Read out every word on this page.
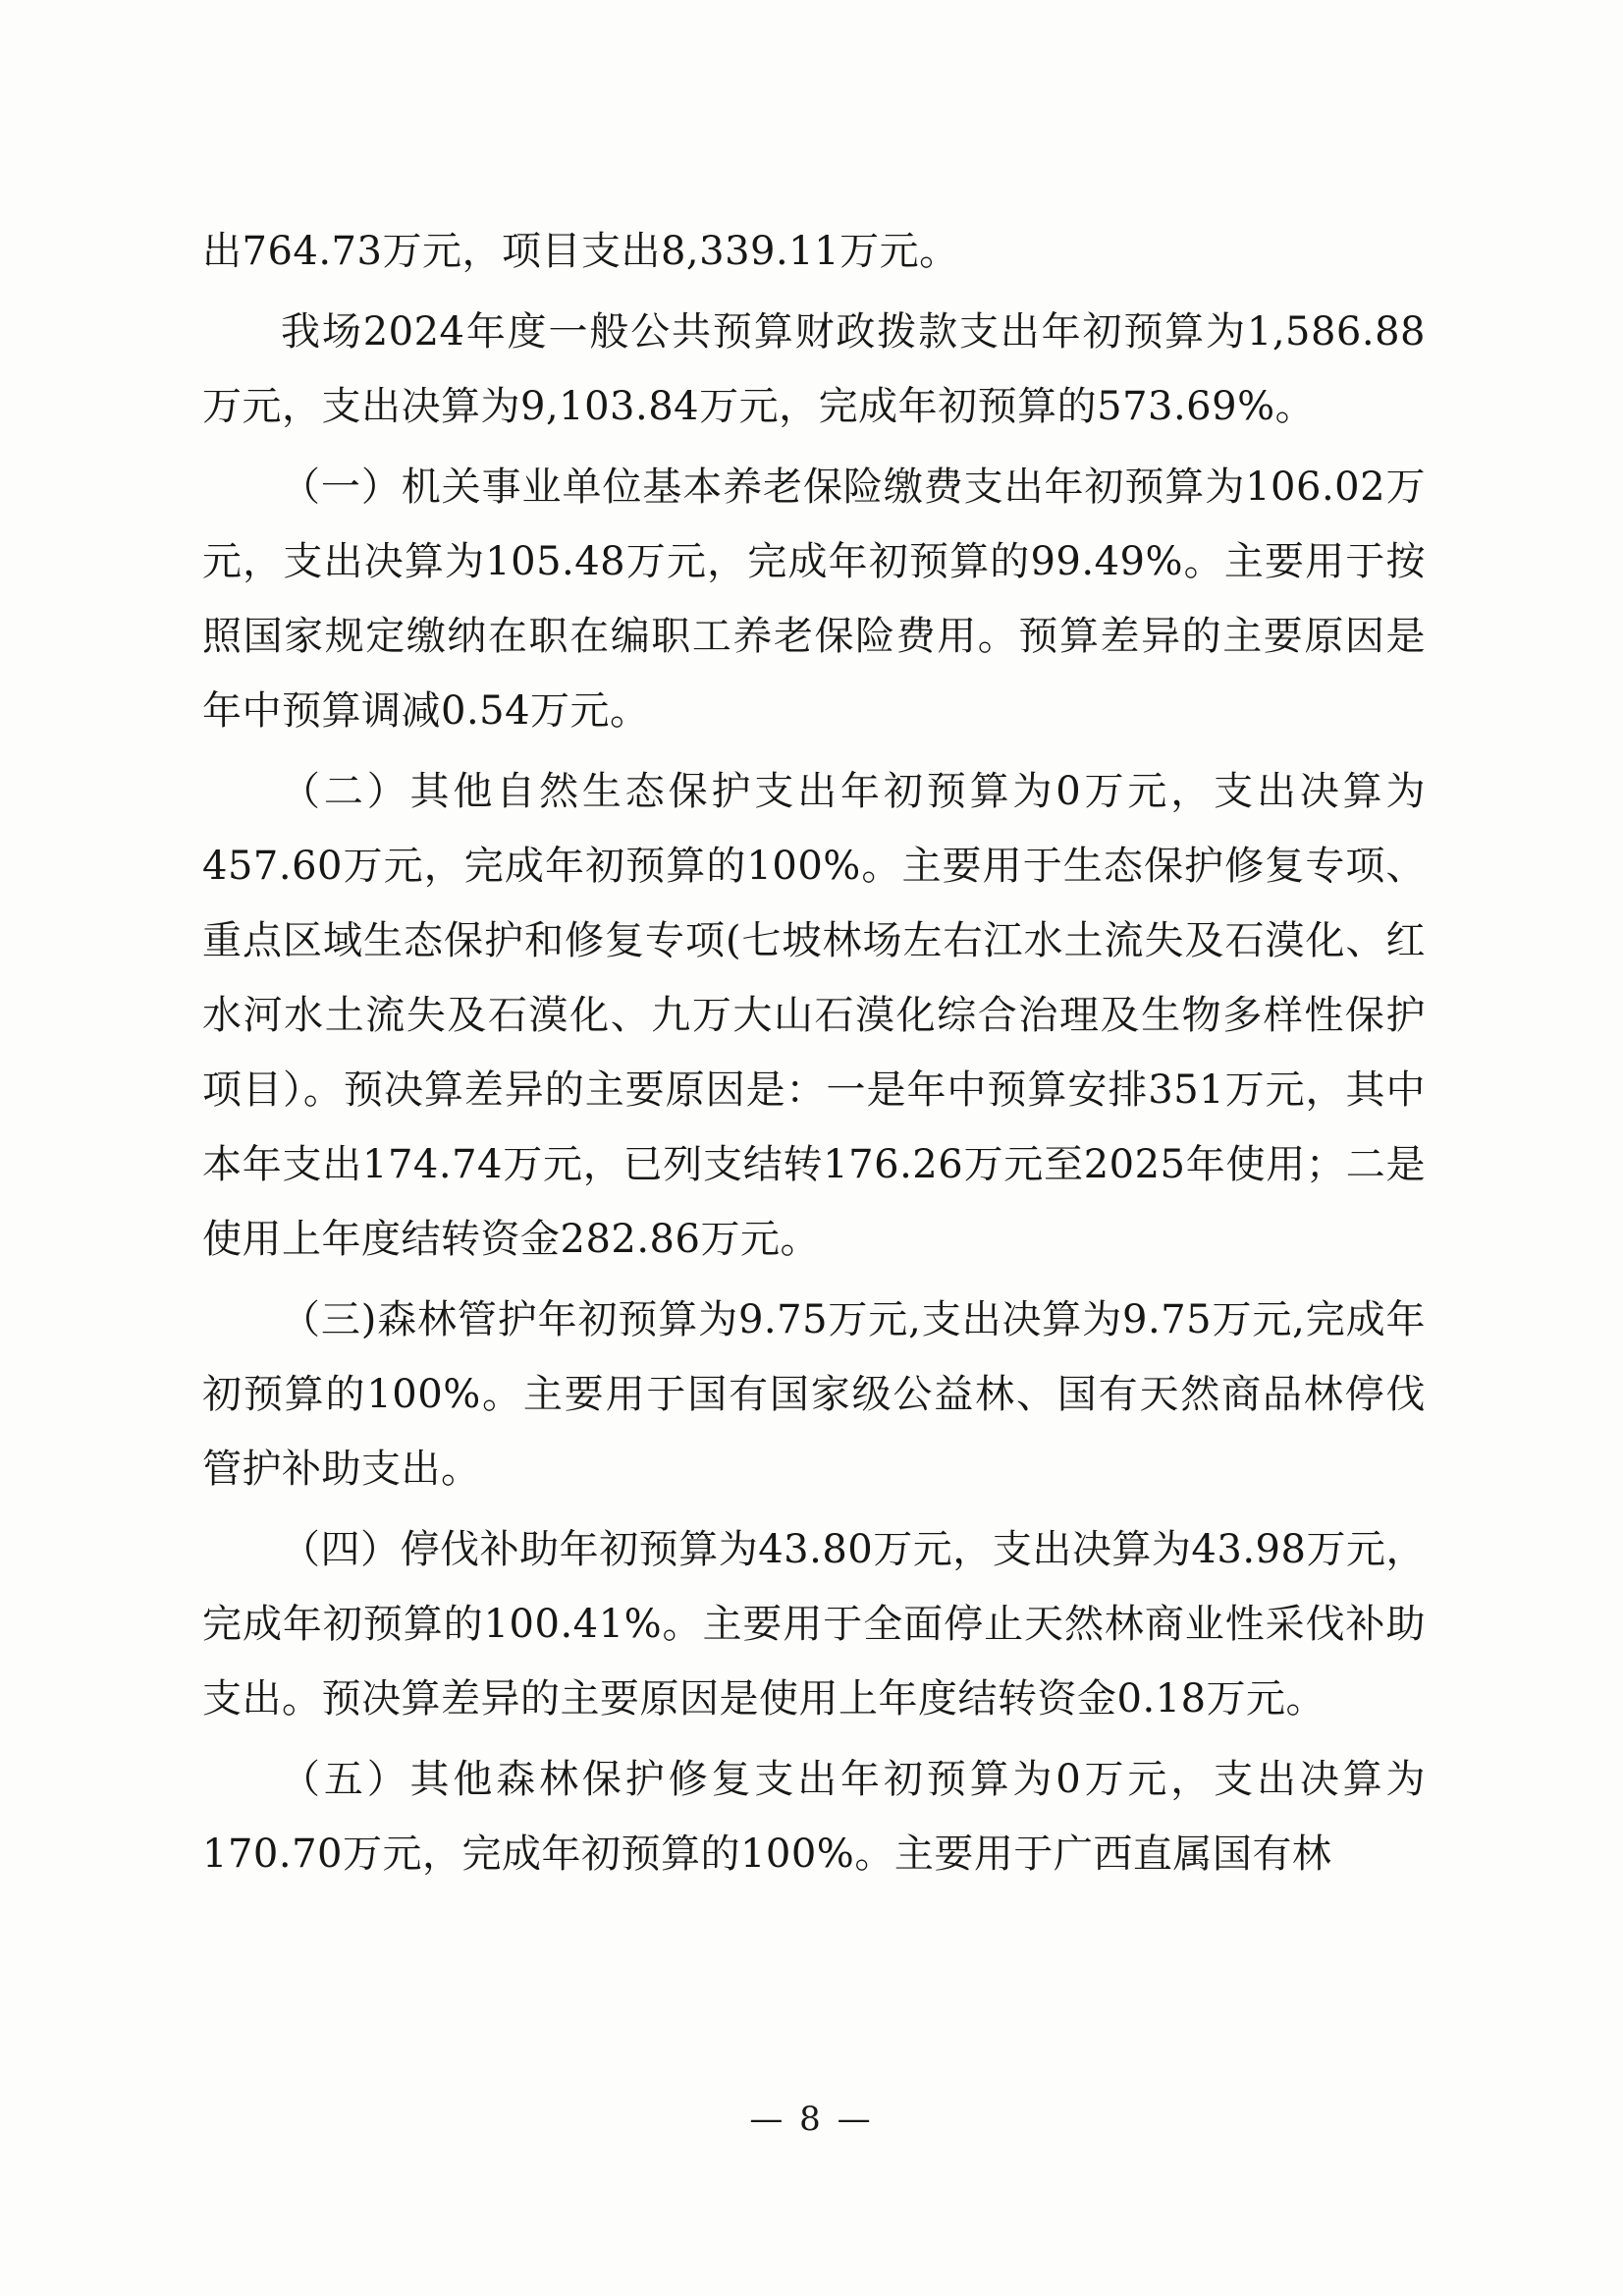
出764.73万元，项目支出8,339.11万元。

我场2024年度一般公共预算财政拨款支出年初预算为1,586.88万元，支出决算为9,103.84万元，完成年初预算的573.69%。

（一）机关事业单位基本养老保险缴费支出年初预算为106.02万元，支出决算为105.48万元，完成年初预算的99.49%。主要用于按照国家规定缴纳在职在编职工养老保险费用。预算差异的主要原因是年中预算调减0.54万元。

（二）其他自然生态保护支出年初预算为0万元，支出决算为457.60万元，完成年初预算的100%。主要用于生态保护修复专项、重点区域生态保护和修复专项(七坡林场左右江水土流失及石漠化、红水河水土流失及石漠化、九万大山石漠化综合治理及生物多样性保护项目）。预决算差异的主要原因是：一是年中预算安排351万元，其中本年支出174.74万元，已列支结转176.26万元至2025年使用；二是使用上年度结转资金282.86万元。

（三)森林管护年初预算为9.75万元,支出决算为9.75万元,完成年初预算的100%。主要用于国有国家级公益林、国有天然商品林停伐管护补助支出。

（四）停伐补助年初预算为43.80万元，支出决算为43.98万元，完成年初预算的100.41%。主要用于全面停止天然林商业性采伐补助支出。预决算差异的主要原因是使用上年度结转资金0.18万元。

（五）其他森林保护修复支出年初预算为0万元，支出决算为170.70万元，完成年初预算的100%。主要用于广西直属国有林

— 8 —
